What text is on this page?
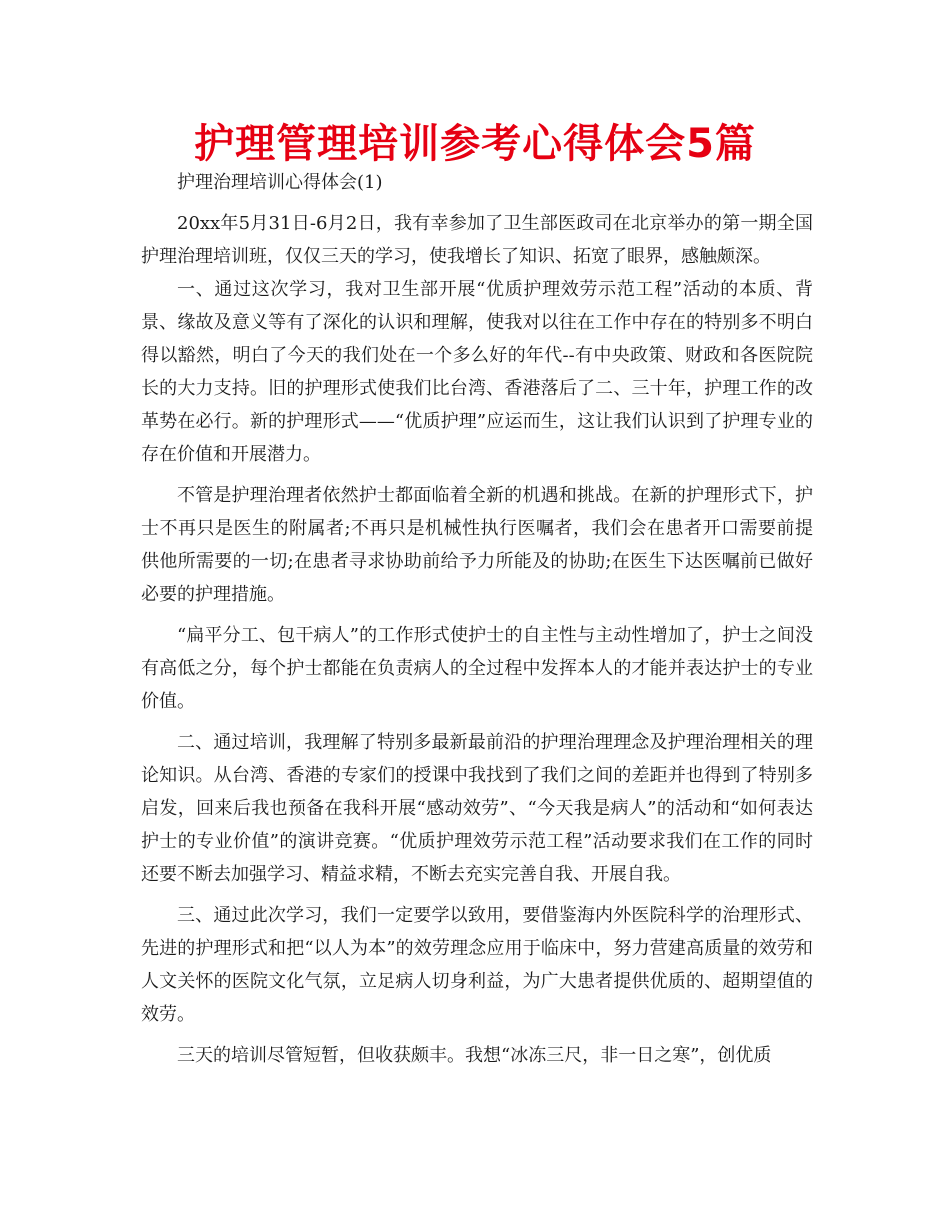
护理管理培训参考心得体会5篇

护理治理培训心得体会(1)

20xx年5月31日-6月2日，我有幸参加了卫生部医政司在北京举办的第一期全国护理治理培训班，仅仅三天的学习，使我增长了知识、拓宽了眼界，感触颇深。

一、通过这次学习，我对卫生部开展“优质护理效劳示范工程”活动的本质、背景、缘故及意义等有了深化的认识和理解，使我对以往在工作中存在的特别多不明白得以豁然，明白了今天的我们处在一个多么好的年代--有中央政策、财政和各医院院长的大力支持。旧的护理形式使我们比台湾、香港落后了二、三十年，护理工作的改革势在必行。新的护理形式——“优质护理”应运而生，这让我们认识到了护理专业的存在价值和开展潜力。

不管是护理治理者依然护士都面临着全新的机遇和挑战。在新的护理形式下，护士不再只是医生的附属者;不再只是机械性执行医嘱者，我们会在患者开口需要前提供他所需要的一切;在患者寻求协助前给予力所能及的协助;在医生下达医嘱前已做好必要的护理措施。

“扁平分工、包干病人”的工作形式使护士的自主性与主动性增加了，护士之间没有高低之分，每个护士都能在负责病人的全过程中发挥本人的才能并表达护士的专业价值。

二、通过培训，我理解了特别多最新最前沿的护理治理理念及护理治理相关的理论知识。从台湾、香港的专家们的授课中我找到了我们之间的差距并也得到了特别多启发，回来后我也预备在我科开展“感动效劳”、“今天我是病人”的活动和“如何表达护士的专业价值”的演讲竞赛。“优质护理效劳示范工程”活动要求我们在工作的同时还要不断去加强学习、精益求精，不断去充实完善自我、开展自我。

三、通过此次学习，我们一定要学以致用，要借鉴海内外医院科学的治理形式、先进的护理形式和把“以人为本”的效劳理念应用于临床中，努力营建高质量的效劳和人文关怀的医院文化气氛，立足病人切身利益，为广大患者提供优质的、超期望值的效劳。

三天的培训尽管短暂，但收获颇丰。我想“冰冻三尺，非一日之寒”，创优质
